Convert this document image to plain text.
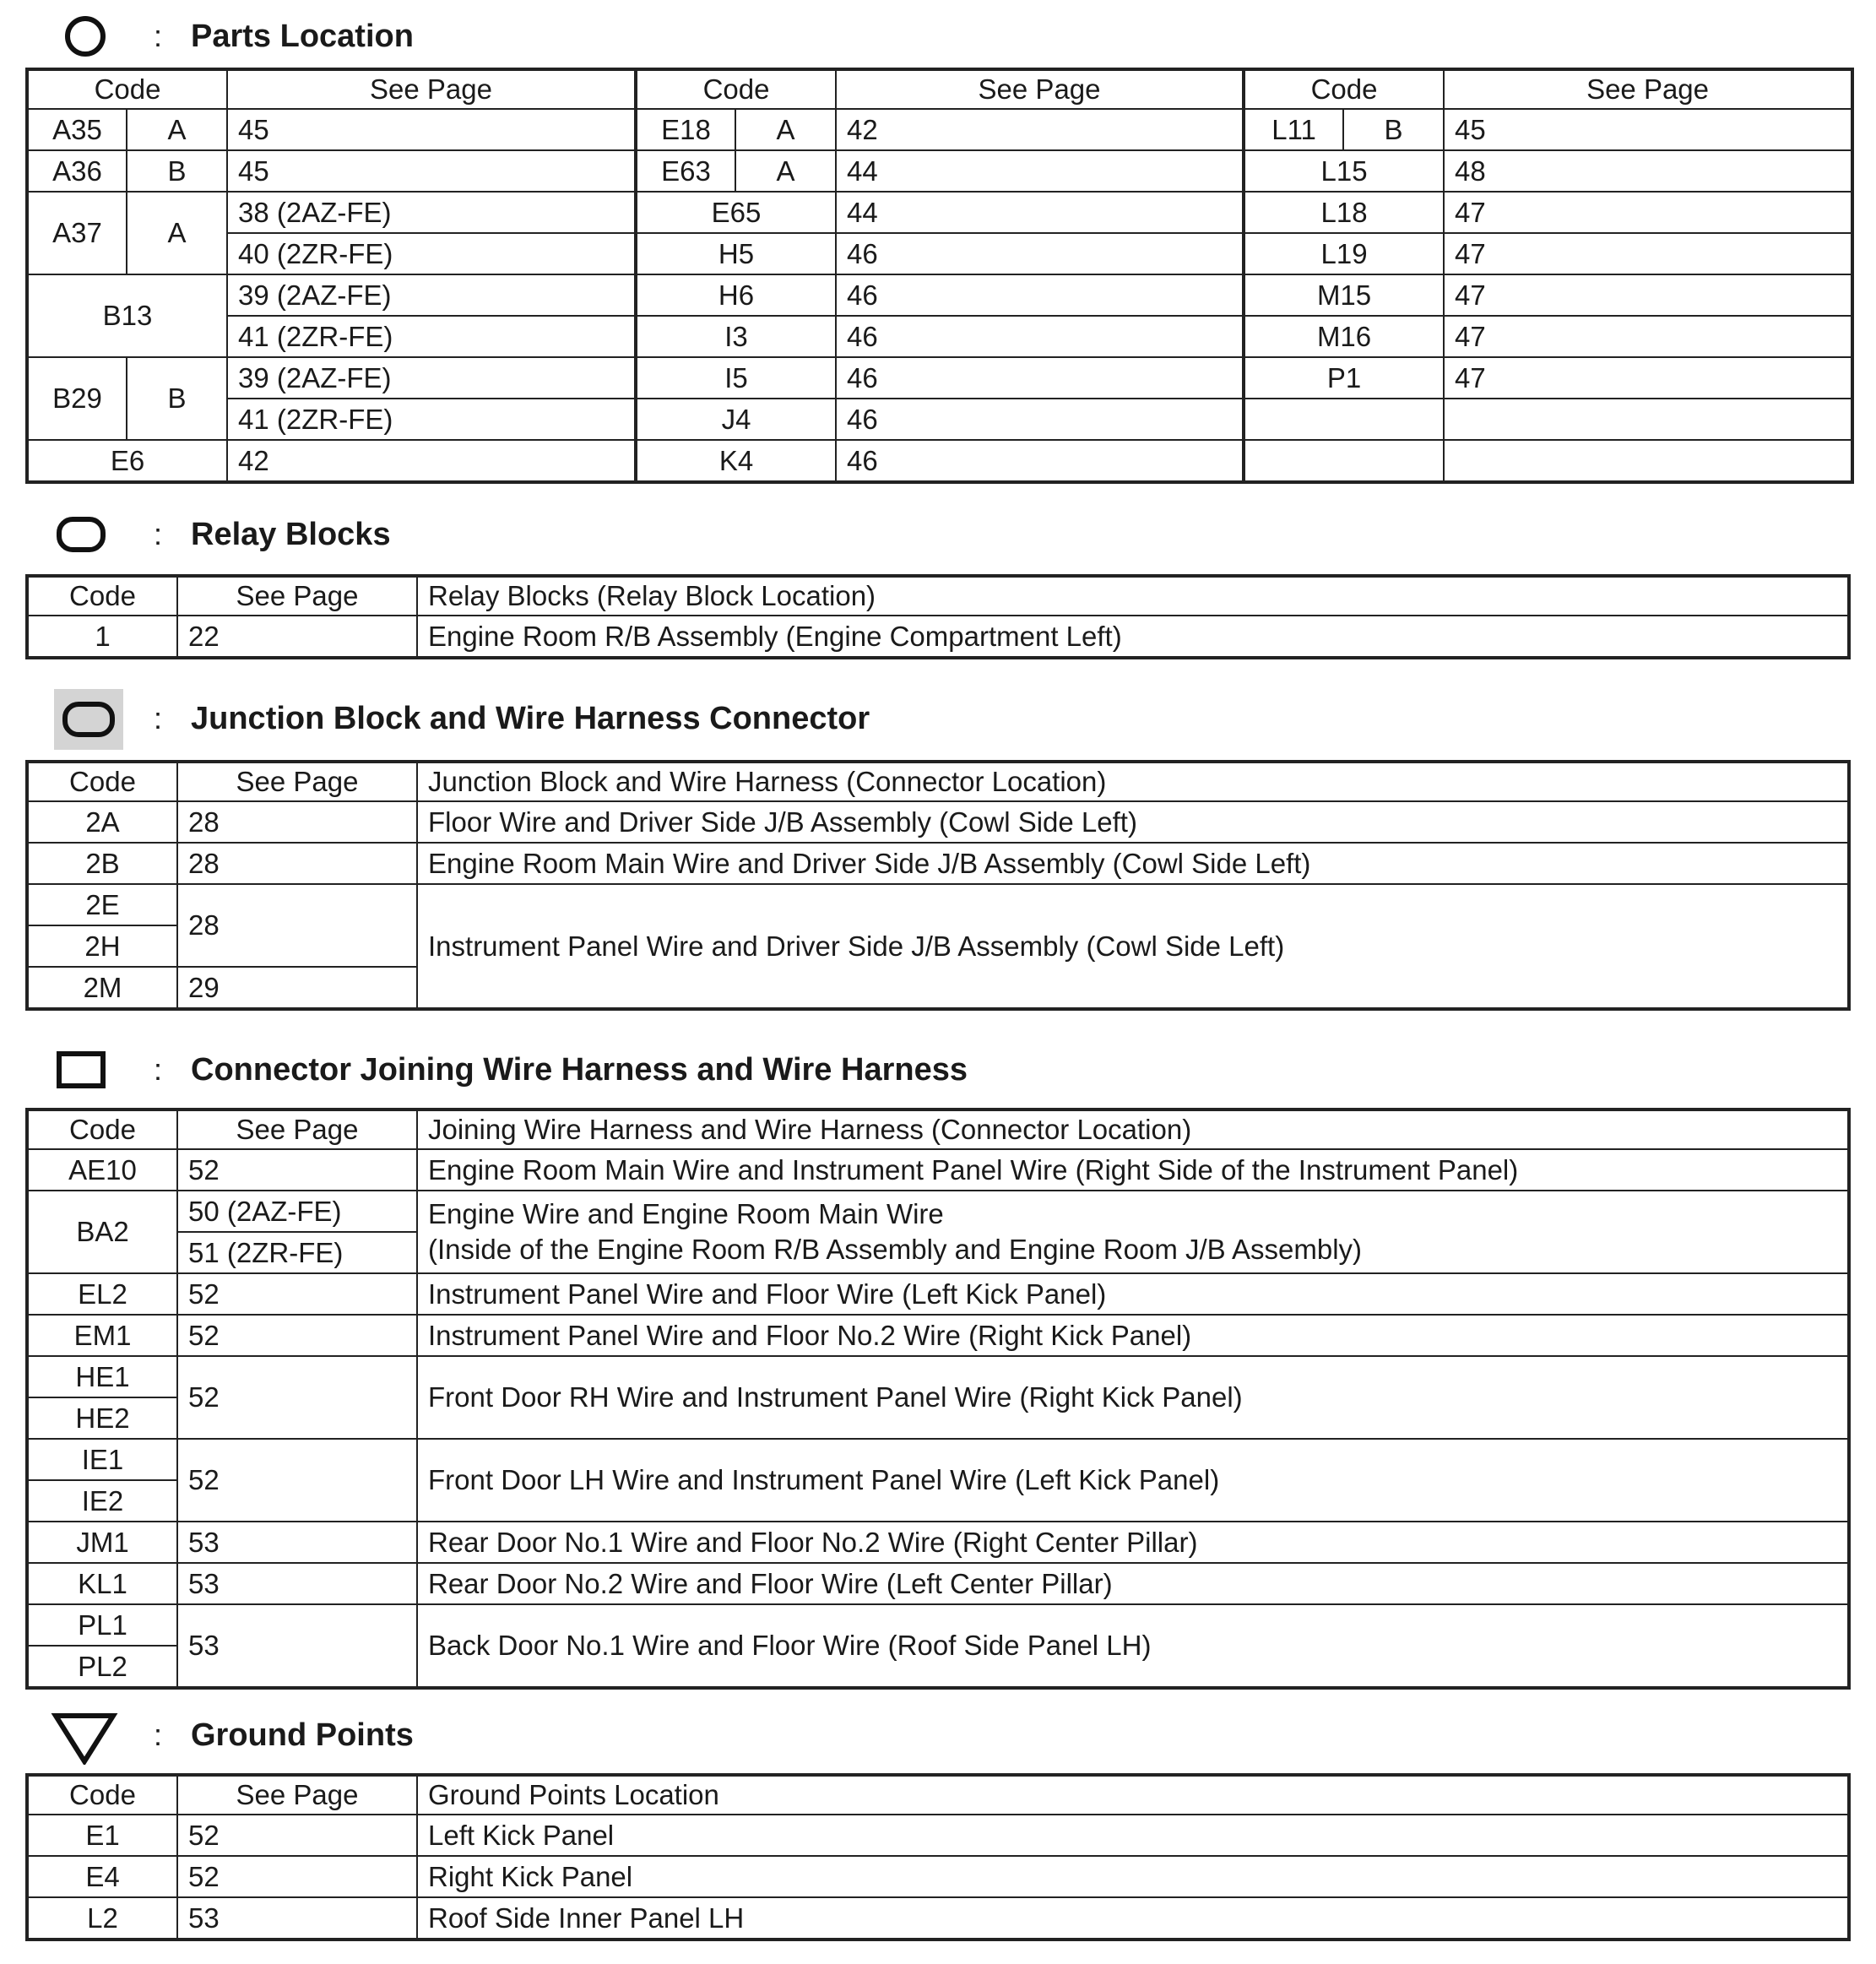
: Parts Location
Code		See Page	Code		See Page	Code		See Page
A35	A	45	E18	A	42	L11	B	45
A36	B	45	E63	A	44	L15		48
A37	A	38 (2AZ-FE)	E65		44	L18		47
		40 (2ZR-FE)	H5		46	L19		47
B13		39 (2AZ-FE)	H6		46	M15		47
		41 (2ZR-FE)	I3		46	M16		47
B29	B	39 (2AZ-FE)	I5		46	P1		47
		41 (2ZR-FE)	J4		46			
E6		42	K4		46			
: Relay Blocks
Code	See Page	Relay Blocks (Relay Block Location)
1	22	Engine Room R/B Assembly (Engine Compartment Left)
: Junction Block and Wire Harness Connector
Code	See Page	Junction Block and Wire Harness (Connector Location)
2A	28	Floor Wire and Driver Side J/B Assembly (Cowl Side Left)
2B	28	Engine Room Main Wire and Driver Side J/B Assembly (Cowl Side Left)
2E	28	Instrument Panel Wire and Driver Side J/B Assembly (Cowl Side Left)
2H		
2M	29	
: Connector Joining Wire Harness and Wire Harness
Code	See Page	Joining Wire Harness and Wire Harness (Connector Location)
AE10	52	Engine Room Main Wire and Instrument Panel Wire (Right Side of the Instrument Panel)
BA2	50 (2AZ-FE)	Engine Wire and Engine Room Main Wire
(Inside of the Engine Room R/B Assembly and Engine Room J/B Assembly)

	51 (2ZR-FE)	
EL2	52	Instrument Panel Wire and Floor Wire (Left Kick Panel)
EM1	52	Instrument Panel Wire and Floor No.2 Wire (Right Kick Panel)
HE1	52	Front Door RH Wire and Instrument Panel Wire (Right Kick Panel)
HE2		
IE1	52	Front Door LH Wire and Instrument Panel Wire (Left Kick Panel)
IE2		
JM1	53	Rear Door No.1 Wire and Floor No.2 Wire (Right Center Pillar)
KL1	53	Rear Door No.2 Wire and Floor Wire (Left Center Pillar)
PL1	53	Back Door No.1 Wire and Floor Wire (Roof Side Panel LH)
PL2		
: Ground Points
Code	See Page	Ground Points Location
E1	52	Left Kick Panel
E4	52	Right Kick Panel
L2	53	Roof Side Inner Panel LH
